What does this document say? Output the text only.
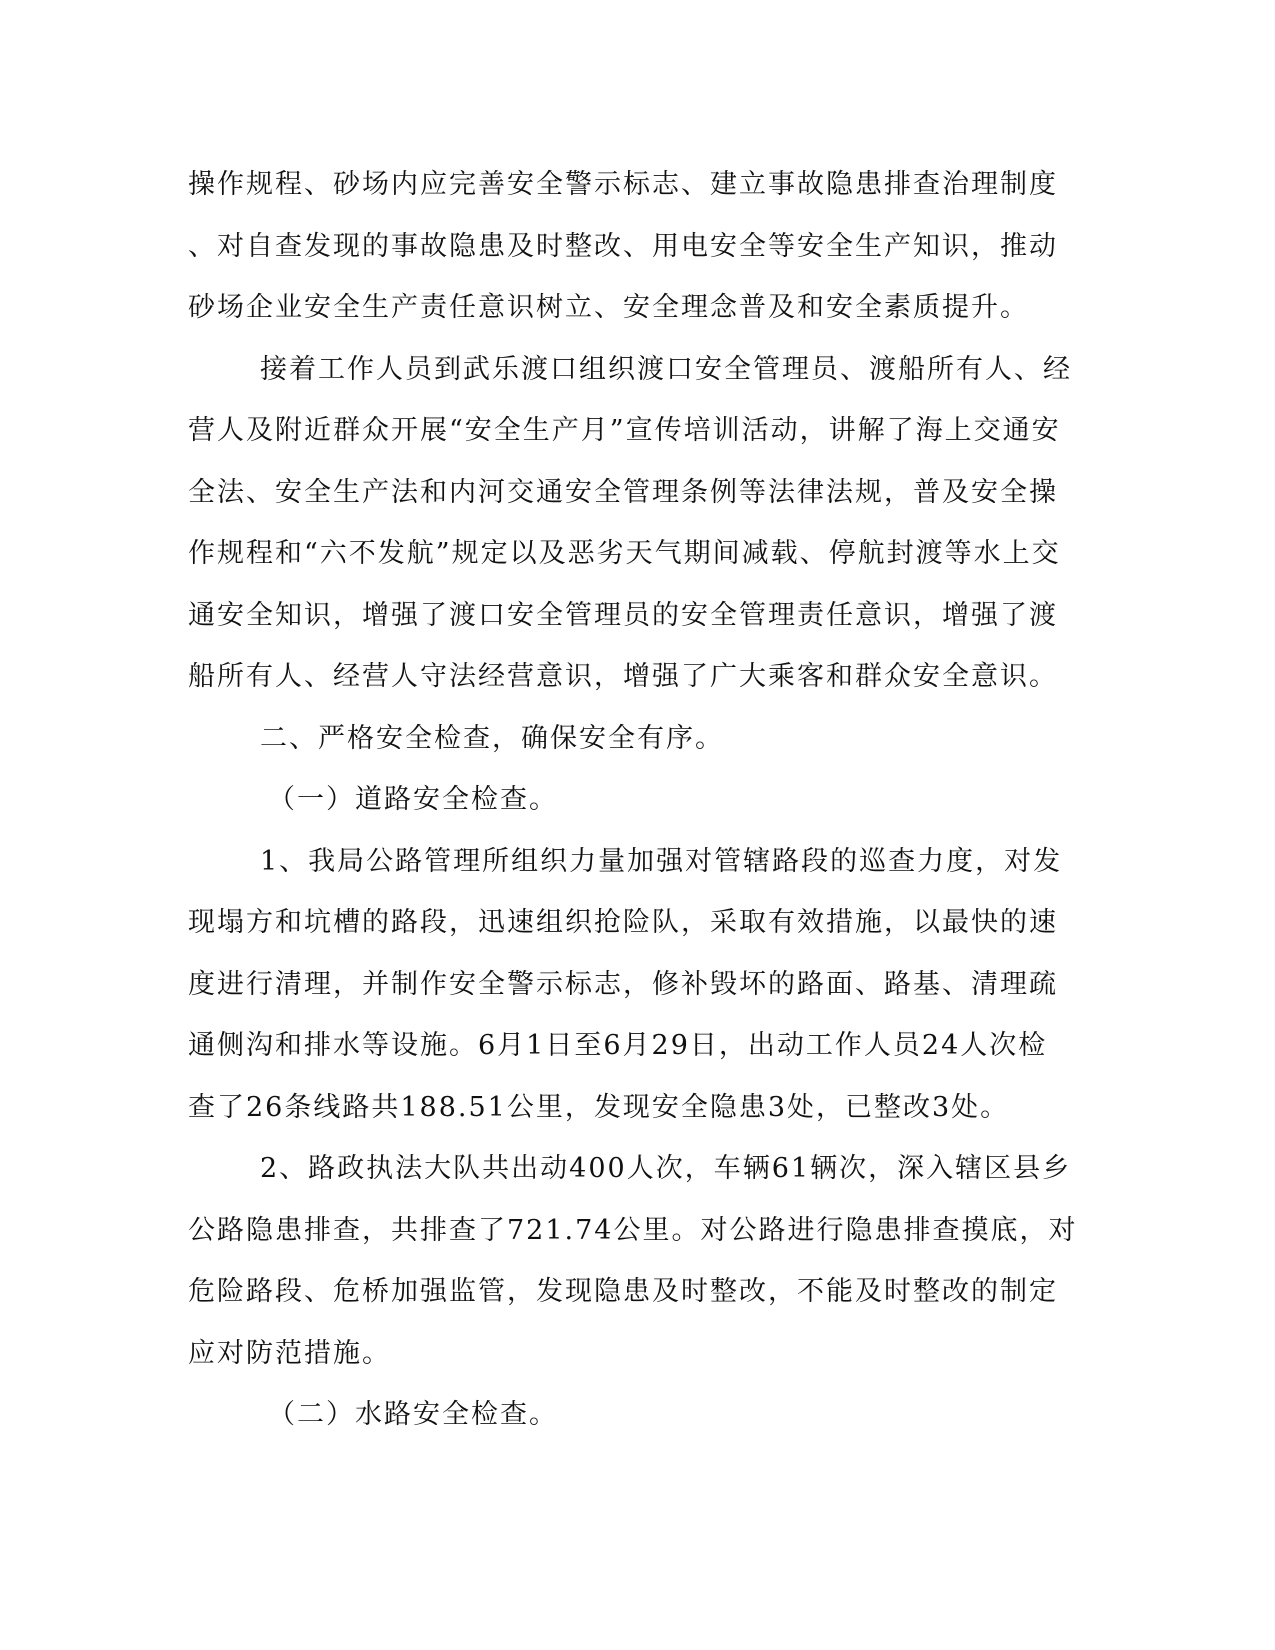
操作规程、砂场内应完善安全警示标志、建立事故隐患排查治理制度
、对自查发现的事故隐患及时整改、用电安全等安全生产知识，推动
砂场企业安全生产责任意识树立、安全理念普及和安全素质提升。
接着工作人员到武乐渡口组织渡口安全管理员、渡船所有人、经
营人及附近群众开展“安全生产月”宣传培训活动，讲解了海上交通安
全法、安全生产法和内河交通安全管理条例等法律法规，普及安全操
作规程和“六不发航”规定以及恶劣天气期间减载、停航封渡等水上交
通安全知识，增强了渡口安全管理员的安全管理责任意识，增强了渡
船所有人、经营人守法经营意识，增强了广大乘客和群众安全意识。
二、严格安全检查，确保安全有序。
（一）道路安全检查。
1、我局公路管理所组织力量加强对管辖路段的巡查力度，对发
现塌方和坑槽的路段，迅速组织抢险队，采取有效措施，以最快的速
度进行清理，并制作安全警示标志，修补毁坏的路面、路基、清理疏
通侧沟和排水等设施。6月1日至6月29日，出动工作人员24人次检
查了26条线路共188.51公里，发现安全隐患3处，已整改3处。
2、路政执法大队共出动400人次，车辆61辆次，深入辖区县乡
公路隐患排查，共排查了721.74公里。对公路进行隐患排查摸底，对
危险路段、危桥加强监管，发现隐患及时整改，不能及时整改的制定
应对防范措施。
（二）水路安全检查。
